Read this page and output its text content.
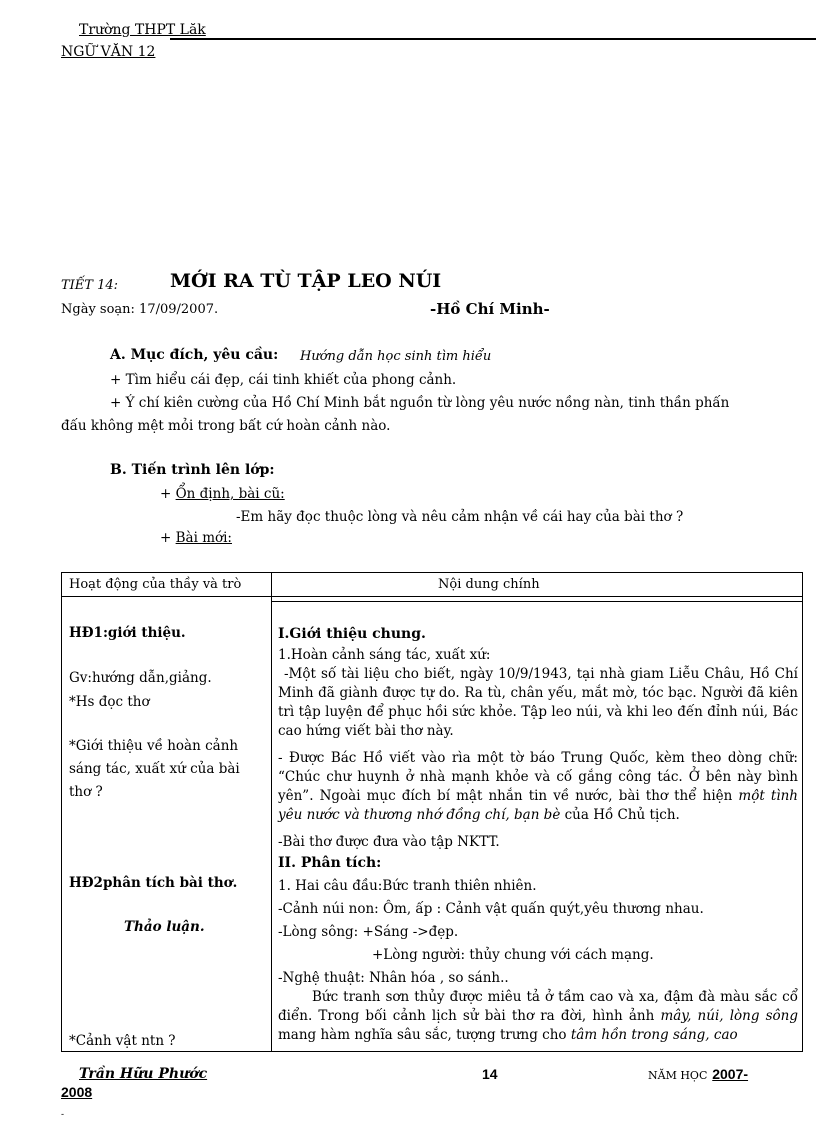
Trường THPT Lăk
NGỮ VĂN 12
TIẾT 14:	MỚI RA TÙ TẬP LEO NÚI
Ngày soạn: 17/09/2007.	-Hồ Chí Minh-
A. Mục đích, yêu cầu: Hướng dẫn học sinh tìm hiểu
+ Tìm hiểu cái đẹp, cái tinh khiết của phong cảnh.
+ Ý chí kiên cường của Hồ Chí Minh bắt nguồn từ lòng yêu nước nồng nàn, tinh thần phấn
đấu không mệt mỏi trong bất cứ hoàn cảnh nào.
B. Tiến trình lên lớp:
+ Ổn định, bài cũ:
-Em hãy đọc thuộc lòng và nêu cảm nhận về cái hay của bài thơ ?
+ Bài mới:
Hoạt động của thầy và trò	Nội dung chính
HĐ1:giới thiệu.
Gv:hướng dẫn,giảng.
*Hs đọc thơ
*Giới thiệu về hoàn cảnh
sáng tác, xuất xứ của bài
thơ ?
HĐ2phân tích bài thơ.
Thảo luận.
*Cảnh vật ntn ?
I.Giới thiệu chung.
1.Hoàn cảnh sáng tác, xuất xứ:
-Một số tài liệu cho biết, ngày 10/9/1943, tại nhà giam Liễu Châu, Hồ Chí Minh đã giành được tự do. Ra tù, chân yếu, mắt mờ, tóc bạc. Người đã kiên trì tập luyện để phục hồi sức khỏe. Tập leo núi, và khi leo đến đỉnh núi, Bác cao hứng viết bài thơ này.
- Được Bác Hồ viết vào rìa một tờ báo Trung Quốc, kèm theo dòng chữ: “Chúc chư huynh ở nhà mạnh khỏe và cố gắng công tác. Ở bên này bình yên”. Ngoài mục đích bí mật nhắn tin về nước, bài thơ thể hiện một tình yêu nước và thương nhớ đồng chí, bạn bè của Hồ Chủ tịch.
-Bài thơ được đưa vào tập NKTT.
II. Phân tích:
1. Hai câu đầu:Bức tranh thiên nhiên.
-Cảnh núi non: Ôm, ấp : Cảnh vật quấn quýt,yêu thương nhau.
-Lòng sông: +Sáng ->đẹp.
+Lòng người: thủy chung với cách mạng.
-Nghệ thuật: Nhân hóa , so sánh..
Bức tranh sơn thủy được miêu tả ở tầm cao và xa, đậm đà màu sắc cổ điển. Trong bối cảnh lịch sử bài thơ ra đời, hình ảnh mây, núi, lòng sông mang hàm nghĩa sâu sắc, tượng trưng cho tâm hồn trong sáng, cao
Trần Hữu Phước	14	NĂM HỌC 2007-
2008
-
